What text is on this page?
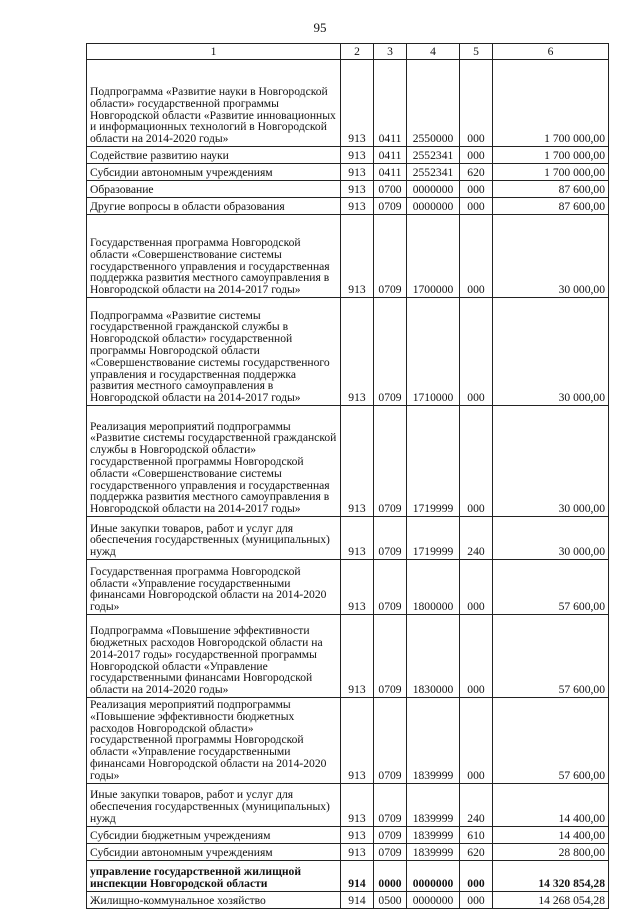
95
1	2	3	4	5	6
Подпрограмма «Развитие науки в Новгородской области» государственной программы Новгородской области «Развитие инновационных и информационных технологий в Новгородской области на 2014-2020 годы»	913	0411	2550000	000	1 700 000,00
Содействие развитию науки	913	0411	2552341	000	1 700 000,00
Субсидии автономным учреждениям	913	0411	2552341	620	1 700 000,00
Образование	913	0700	0000000	000	87 600,00
Другие вопросы в области образования	913	0709	0000000	000	87 600,00
Государственная программа Новгородской области «Совершенствование системы государственного управления и государственная поддержка развития местного самоуправления в Новгородской области на 2014-2017 годы»	913	0709	1700000	000	30 000,00
Подпрограмма «Развитие системы государственной гражданской службы в Новгородской области» государственной программы Новгородской области «Совершенствование системы государственного управления и государственная поддержка развития местного самоуправления в Новгородской области на 2014-2017 годы»	913	0709	1710000	000	30 000,00
Реализация мероприятий подпрограммы «Развитие системы государственной гражданской службы в Новгородской области» государственной программы Новгородской области «Совершенствование системы государственного управления и государственная поддержка развития местного самоуправления в Новгородской области на 2014-2017 годы»	913	0709	1719999	000	30 000,00
Иные закупки товаров, работ и услуг для обеспечения государственных (муниципальных) нужд	913	0709	1719999	240	30 000,00
Государственная программа Новгородской области «Управление государственными финансами Новгородской области на 2014-2020 годы»	913	0709	1800000	000	57 600,00
Подпрограмма «Повышение эффективности бюджетных расходов Новгородской области на 2014-2017 годы» государственной программы Новгородской области «Управление государственными финансами Новгородской области на 2014-2020 годы»	913	0709	1830000	000	57 600,00
Реализация мероприятий подпрограммы «Повышение эффективности бюджетных расходов Новгородской области» государственной программы Новгородской области «Управление государственными финансами Новгородской области на 2014-2020 годы»	913	0709	1839999	000	57 600,00
Иные закупки товаров, работ и услуг для обеспечения государственных (муниципальных) нужд	913	0709	1839999	240	14 400,00
Субсидии бюджетным учреждениям	913	0709	1839999	610	14 400,00
Субсидии автономным учреждениям	913	0709	1839999	620	28 800,00
управление государственной жилищной инспекции Новгородской области	914	0000	0000000	000	14 320 854,28
Жилищно-коммунальное хозяйство	914	0500	0000000	000	14 268 054,28
